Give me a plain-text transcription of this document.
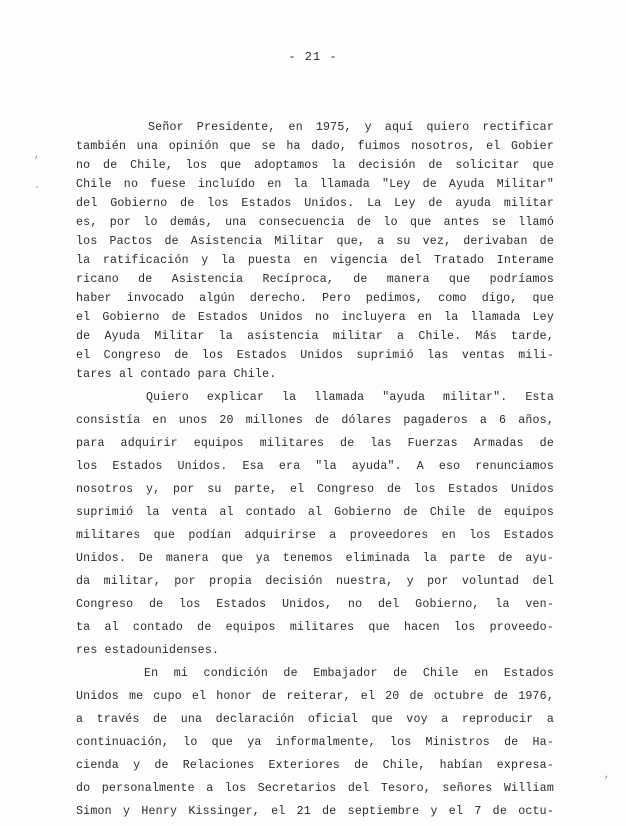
- 21 -
,
·
,
Señor Presidente, en 1975, y aquí quiero rectificar
también una opinión que se ha dado, fuimos nosotros, el Gobier
no de Chile, los que adoptamos la decisión de solicitar que
Chile no fuese incluído en la llamada "Ley de Ayuda Militar"
del Gobierno de los Estados Unidos. La Ley de ayuda militar
es, por lo demás, una consecuencia de lo que antes se llamó
los Pactos de Asistencia Militar que, a su vez, derivaban de
la ratificación y la puesta en vigencia del Tratado Interame
ricano de Asistencia Recíproca, de manera que podríamos
haber invocado algún derecho. Pero pedimos, como digo, que
el Gobierno de Estados Unidos no incluyera en la llamada Ley
de Ayuda Militar la asistencia militar a Chile. Más tarde,
el Congreso de los Estados Unidos suprimió las ventas mili-
tares al contado para Chile.
Quiero explicar la llamada "ayuda militar". Esta
consistía en unos 20 millones de dólares pagaderos a 6 años,
para adquirir equipos militares de las Fuerzas Armadas de
los Estados Unidos. Esa era "la ayuda". A eso renunciamos
nosotros y, por su parte, el Congreso de los Estados Unidos
suprimió la venta al contado al Gobierno de Chile de equipos
militares que podían adquirirse a proveedores en los Estados
Unidos. De manera que ya tenemos eliminada la parte de ayu-
da militar, por propia decisión nuestra, y por voluntad del
Congreso de los Estados Unidos, no del Gobierno, la ven-
ta al contado de equipos militares que hacen los proveedo-
res estadounidenses.
En mi condición de Embajador de Chile en Estados
Unidos me cupo el honor de reiterar, el 20 de octubre de 1976,
a través de una declaración oficial que voy a reproducir a
continuación, lo que ya informalmente, los Ministros de Ha-
cienda y de Relaciones Exteriores de Chile, habían expresa-
do personalmente a los Secretarios del Tesoro, señores William
Simon y Henry Kissinger, el 21 de septiembre y el 7 de octu-
